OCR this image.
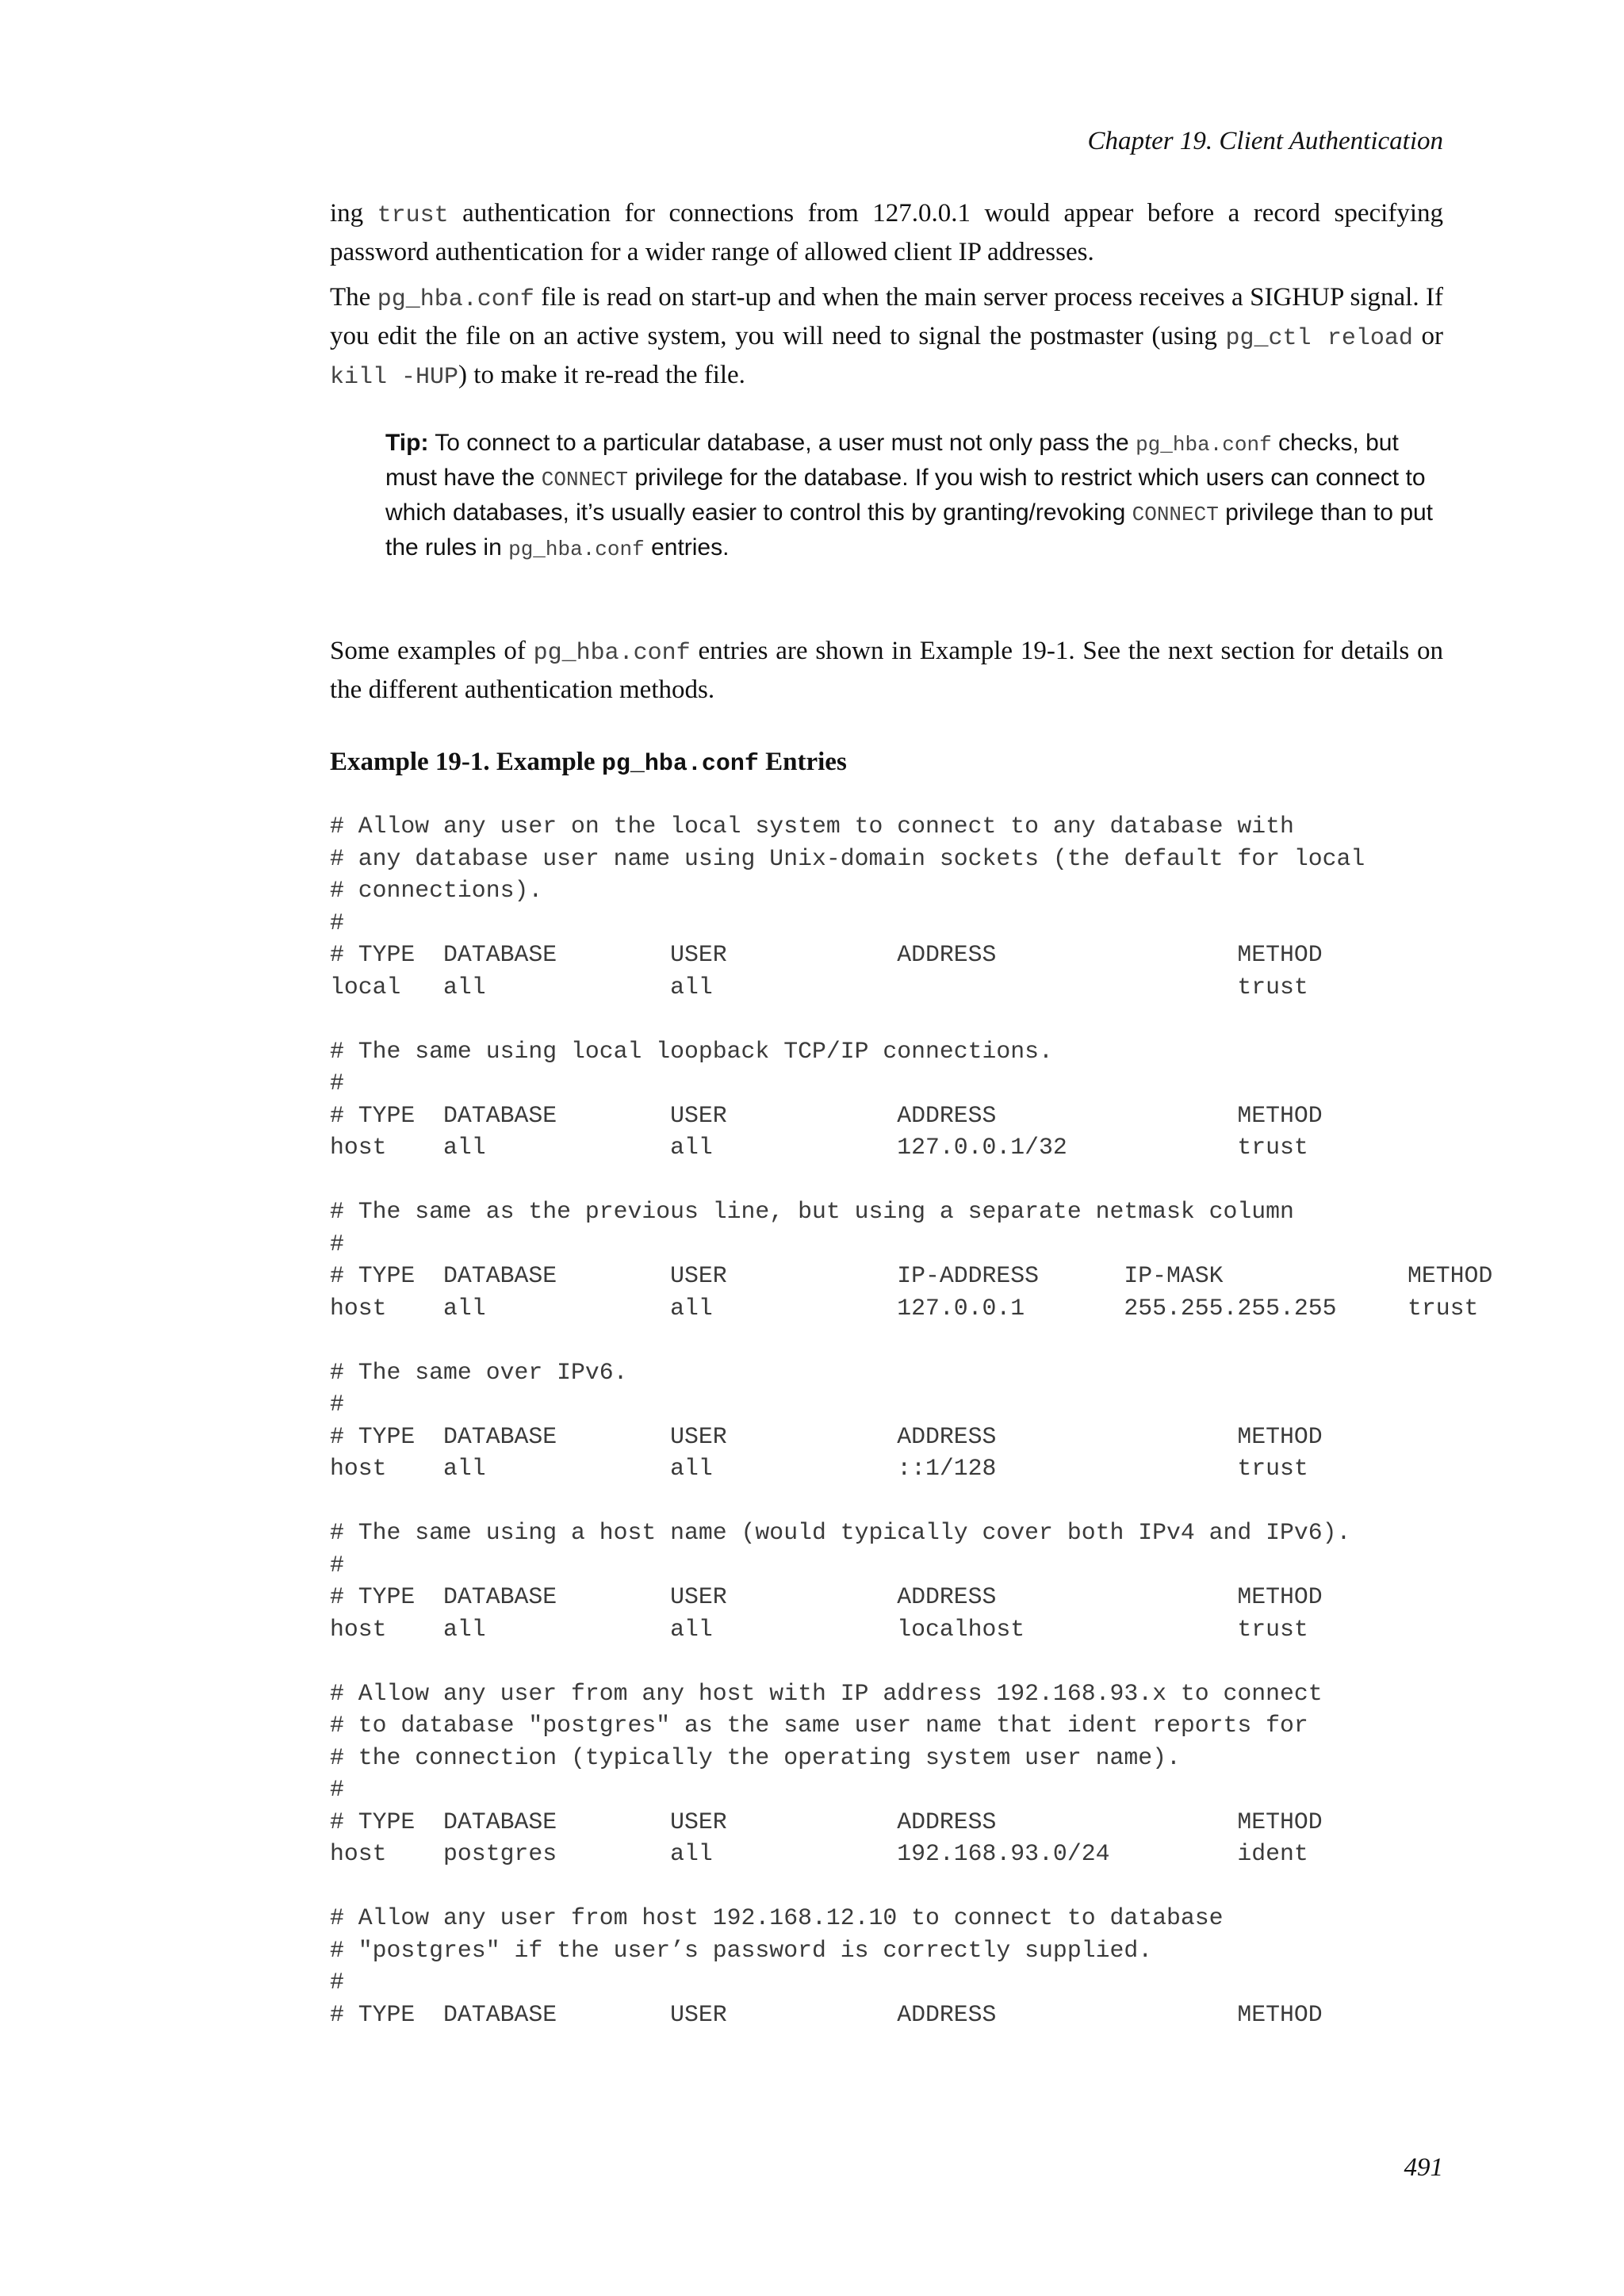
Chapter 19. Client Authentication

ing trust authentication for connections from 127.0.0.1 would appear before a record specifying password authentication for a wider range of allowed client IP addresses.

The pg_hba.conf file is read on start-up and when the main server process receives a SIGHUP signal. If you edit the file on an active system, you will need to signal the postmaster (using pg_ctl reload or kill -HUP) to make it re-read the file.

Tip: To connect to a particular database, a user must not only pass the pg_hba.conf checks, but must have the CONNECT privilege for the database. If you wish to restrict which users can connect to which databases, it’s usually easier to control this by granting/revoking CONNECT privilege than to put the rules in pg_hba.conf entries.

Some examples of pg_hba.conf entries are shown in Example 19-1. See the next section for details on the different authentication methods.

Example 19-1. Example pg_hba.conf Entries
# Allow any user on the local system to connect to any database with
# any database user name using Unix-domain sockets (the default for local
# connections).
#
# TYPE  DATABASE        USER            ADDRESS                 METHOD
local   all             all                                     trust
# The same using local loopback TCP/IP connections.
#
# TYPE  DATABASE        USER            ADDRESS                 METHOD
host    all             all             127.0.0.1/32            trust
# The same as the previous line, but using a separate netmask column
#
# TYPE  DATABASE        USER            IP-ADDRESS      IP-MASK             METHOD
host    all             all             127.0.0.1       255.255.255.255     trust
# The same over IPv6.
#
# TYPE  DATABASE        USER            ADDRESS                 METHOD
host    all             all             ::1/128                 trust
# The same using a host name (would typically cover both IPv4 and IPv6).
#
# TYPE  DATABASE        USER            ADDRESS                 METHOD
host    all             all             localhost               trust
# Allow any user from any host with IP address 192.168.93.x to connect
# to database "postgres" as the same user name that ident reports for
# the connection (typically the operating system user name).
#
# TYPE  DATABASE        USER            ADDRESS                 METHOD
host    postgres        all             192.168.93.0/24         ident
# Allow any user from host 192.168.12.10 to connect to database
# "postgres" if the user’s password is correctly supplied.
#
# TYPE  DATABASE        USER            ADDRESS                 METHOD
491
